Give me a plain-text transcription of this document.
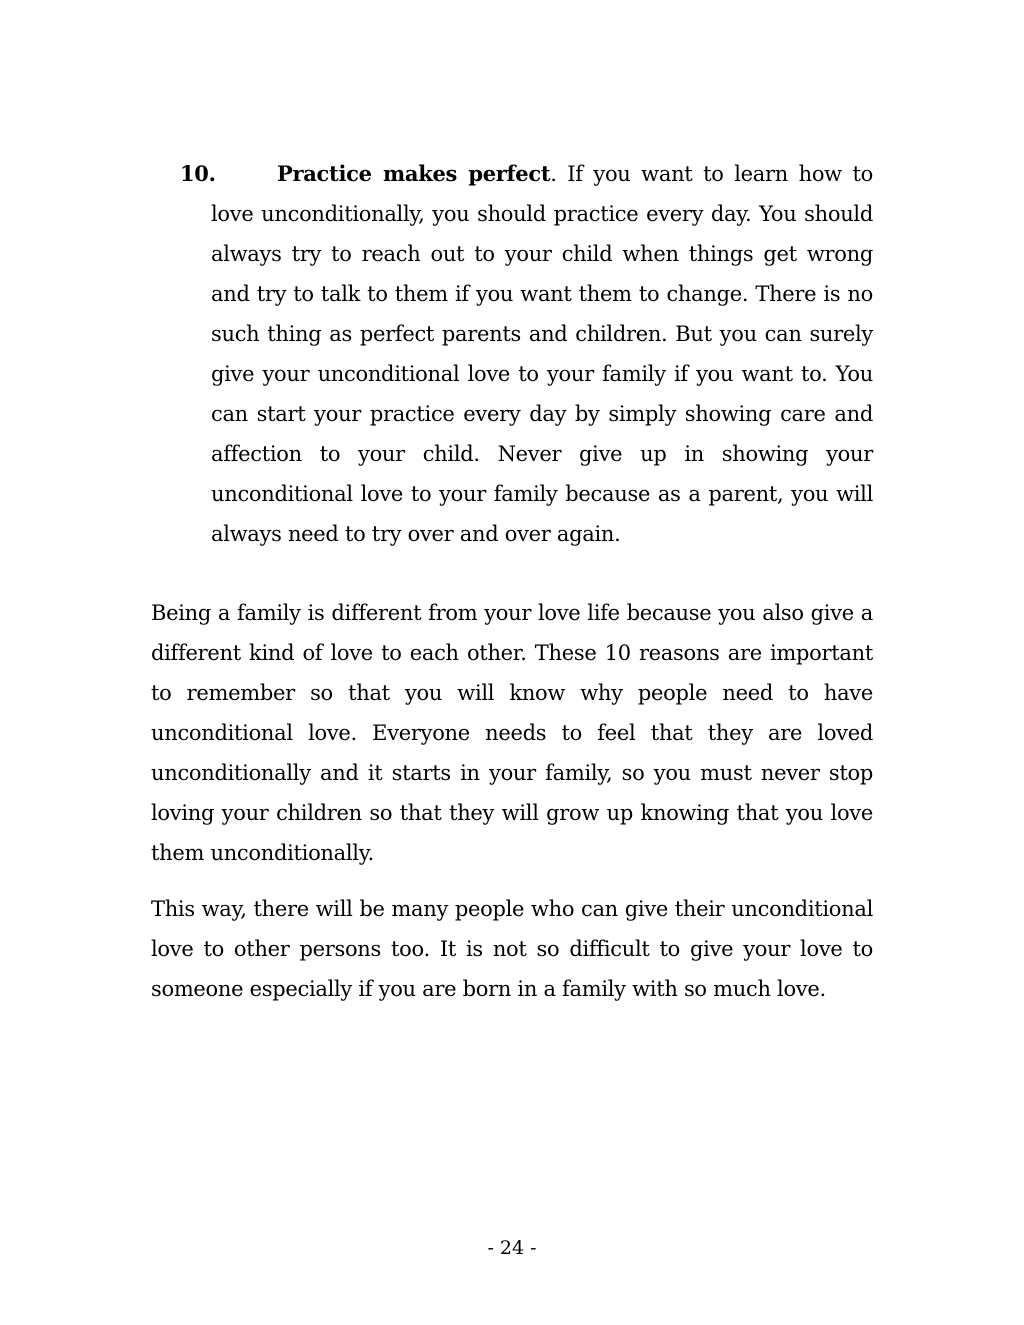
10.	Practice makes perfect. If you want to learn how to love unconditionally, you should practice every day. You should always try to reach out to your child when things get wrong and try to talk to them if you want them to change. There is no such thing as perfect parents and children. But you can surely give your unconditional love to your family if you want to. You can start your practice every day by simply showing care and affection to your child. Never give up in showing your unconditional love to your family because as a parent, you will always need to try over and over again.

Being a family is different from your love life because you also give a different kind of love to each other. These 10 reasons are important to remember so that you will know why people need to have unconditional love. Everyone needs to feel that they are loved unconditionally and it starts in your family, so you must never stop loving your children so that they will grow up knowing that you love them unconditionally.

This way, there will be many people who can give their unconditional love to other persons too. It is not so difficult to give your love to someone especially if you are born in a family with so much love.

- 24 -
